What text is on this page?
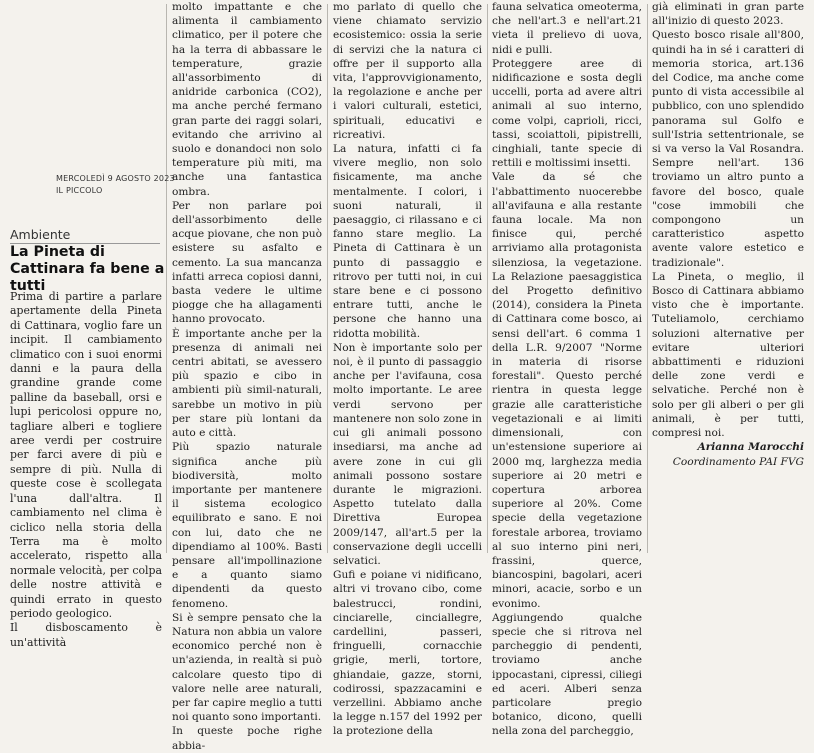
MERCOLEDÌ 9 AGOSTO 2023
IL PICCOLO
Ambiente
La Pineta di Cattinara fa bene a tutti

Prima di partire a parlare apertamente della Pineta di Cattinara, voglio fare un incipit. Il cambiamento climatico con i suoi enormi danni e la paura della grandine grande come palline da baseball, orsi e lupi pericolosi oppure no, tagliare alberi e togliere aree verdi per costruire per farci avere di più e sempre di più. Nulla di queste cose è scollegata l'una dall'altra. Il cambiamento nel clima è ciclico nella storia della Terra ma è molto accelerato, rispetto alla normale velocità, per colpa delle nostre attività e quindi errato in questo periodo geologico.

Il disboscamento è un'attività

molto impattante e che alimenta il cambiamento climatico, per il potere che ha la terra di abbassare le temperature, grazie all'assorbimento di anidride carbonica (CO2), ma anche perché fermano gran parte dei raggi solari, evitando che arrivino al suolo e donandoci non solo temperature più miti, ma anche una fantastica ombra.

Per non parlare poi dell'assorbimento delle acque piovane, che non può esistere su asfalto e cemento. La sua mancanza infatti arreca copiosi danni, basta vedere le ultime piogge che ha allagamenti hanno provocato.

È importante anche per la presenza di animali nei centri abitati, se avessero più spazio e cibo in ambienti più simil-naturali, sarebbe un motivo in più per stare più lontani da auto e città.

Più spazio naturale significa anche più biodiversità, molto importante per mantenere il sistema ecologico equilibrato e sano. E noi con lui, dato che ne dipendiamo al 100%. Basti pensare all'impollinazione e a quanto siamo dipendenti da questo fenomeno.

Si è sempre pensato che la Natura non abbia un valore economico perché non è un'azienda, in realtà si può calcolare questo tipo di valore nelle aree naturali, per far capire meglio a tutti noi quanto sono importanti.

In queste poche righe abbia-

mo parlato di quello che viene chiamato servizio ecosistemico: ossia la serie di servizi che la natura ci offre per il supporto alla vita, l'approvvigionamento, la regolazione e anche per i valori culturali, estetici, spirituali, educativi e ricreativi.

La natura, infatti ci fa vivere meglio, non solo fisicamente, ma anche mentalmente. I colori, i suoni naturali, il paesaggio, ci rilassano e ci fanno stare meglio. La Pineta di Cattinara è un punto di passaggio e ritrovo per tutti noi, in cui stare bene e ci possono entrare tutti, anche le persone che hanno una ridotta mobilità.

Non è importante solo per noi, è il punto di passaggio anche per l'avifauna, cosa molto importante. Le aree verdi servono per mantenere non solo zone in cui gli animali possono insediarsi, ma anche ad avere zone in cui gli animali possono sostare durante le migrazioni. Aspetto tutelato dalla Direttiva Europea 2009/147, all'art.5 per la conservazione degli uccelli selvatici.

Gufi e poiane vi nidificano, altri vi trovano cibo, come balestrucci, rondini, cinciarelle, cinciallegre, cardellini, passeri, fringuelli, cornacchie grigie, merli, tortore, ghiandaie, gazze, storni, codirossi, spazzacamini e verzellini. Abbiamo anche la legge n.157 del 1992 per la protezione della

fauna selvatica omeoterma, che nell'art.3 e nell'art.21 vieta il prelievo di uova, nidi e pulli.

Proteggere aree di nidificazione e sosta degli uccelli, porta ad avere altri animali al suo interno, come volpi, caprioli, ricci, tassi, scoiattoli, pipistrelli, cinghiali, tante specie di rettili e moltissimi insetti.

Vale da sé che l'abbattimento nuocerebbe all'avifauna e alla restante fauna locale. Ma non finisce qui, perché arriviamo alla protagonista silenziosa, la vegetazione. La Relazione paesaggistica del Progetto definitivo (2014), considera la Pineta di Cattinara come bosco, ai sensi dell'art. 6 comma 1 della L.R. 9/2007 "Norme in materia di risorse forestali". Questo perché rientra in questa legge grazie alle caratteristiche vegetazionali e ai limiti dimensionali, con un'estensione superiore ai 2000 mq, larghezza media superiore ai 20 metri e copertura arborea superiore al 20%. Come specie della vegetazione forestale arborea, troviamo al suo interno pini neri, frassini, querce, biancospini, bagolari, aceri minori, acacie, sorbo e un evonimo.

Aggiungendo qualche specie che si ritrova nel parcheggio di pendenti, troviamo anche ippocastani, cipressi, ciliegi ed aceri. Alberi senza particolare pregio botanico, dicono, quelli nella zona del parcheggio,

già eliminati in gran parte all'inizio di questo 2023.

Questo bosco risale all'800, quindi ha in sé i caratteri di memoria storica, art.136 del Codice, ma anche come punto di vista accessibile al pubblico, con uno splendido panorama sul Golfo e sull'Istria settentrionale, se si va verso la Val Rosandra. Sempre nell'art. 136 troviamo un altro punto a favore del bosco, quale "cose immobili che compongono un caratteristico aspetto avente valore estetico e tradizionale".

La Pineta, o meglio, il Bosco di Cattinara abbiamo visto che è importante. Tuteliamolo, cerchiamo soluzioni alternative per evitare ulteriori abbattimenti e riduzioni delle zone verdi e selvatiche. Perché non è solo per gli alberi o per gli animali, è per tutti, compresi noi.

Arianna Marocchi
Coordinamento PAI FVG
